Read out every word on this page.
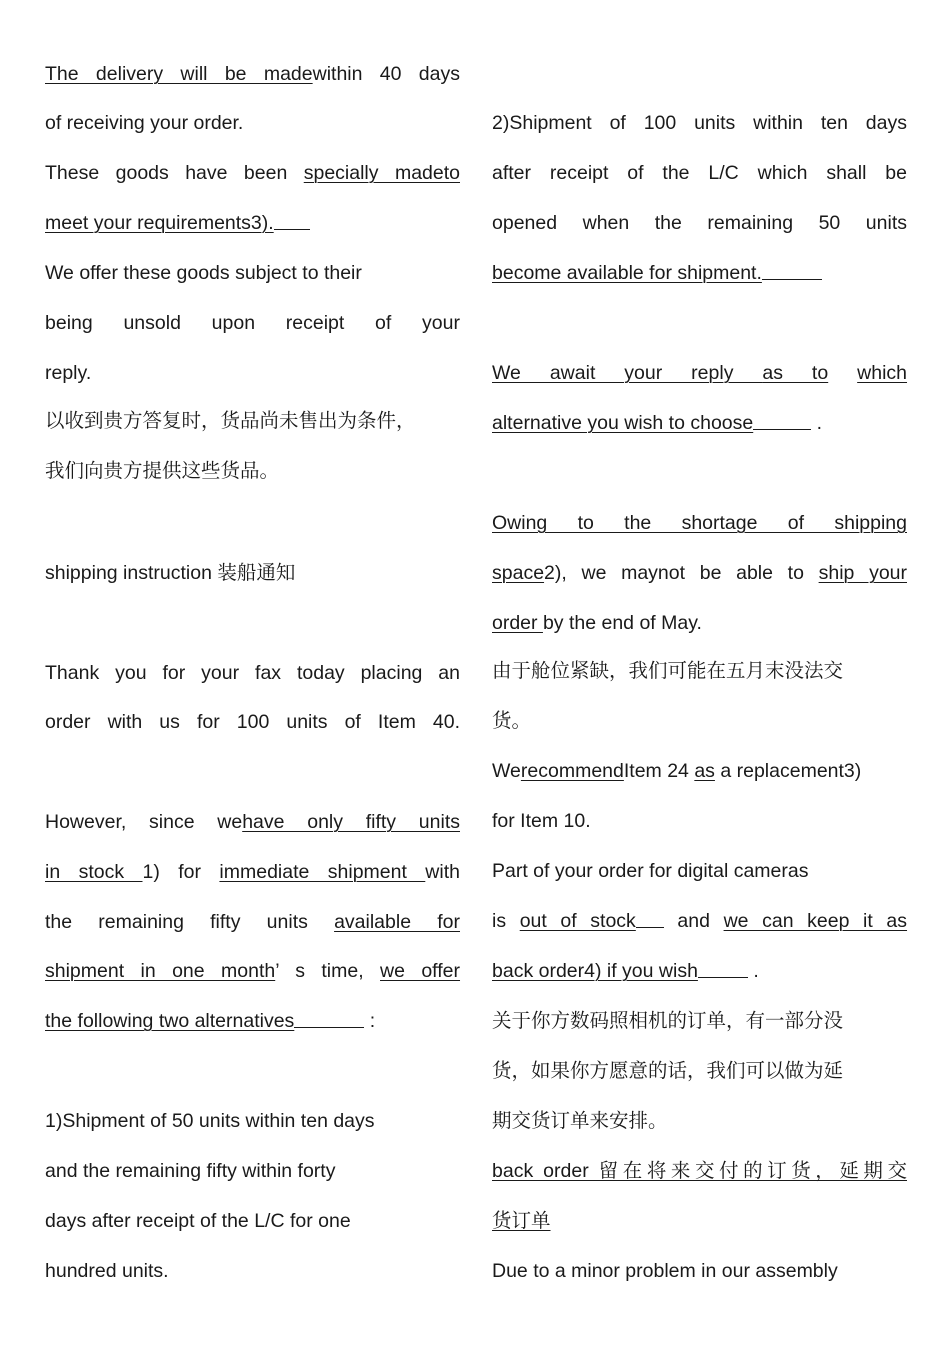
The delivery will be madewithin 40 days
of receiving your order.
These goods have been specially madeto
meet your requirements3).
We offer these goods subject to their
being unsold upon receipt of your
reply.
以收到贵方答复时，货品尚未售出为条件，
我们向贵方提供这些货品。
shipping instruction 装船通知
Thank you for your fax today placing an
order with us for 100 units of Item 40.
However, since wehave only fifty units
in stock 1) for immediate shipment with
the remaining fifty units available for
shipment in one month’ s time, we offer
the following two alternatives	:
1)Shipment of 50 units within ten days
and the remaining fifty within forty
days after receipt of the L/C for one
hundred units.
2)Shipment of 100 units within ten days
after receipt of the L/C which shall be
opened when the remaining 50 units
become available for shipment.
We await your reply as to which
alternative you wish to choose	.
Owing to the shortage of shipping
space2), we maynot be able to ship your
order by the end of May.
由于舱位紧缺，我们可能在五月末没法交
货。
WerecommendItem 24 as a replacement3)
for Item 10.
Part of your order for digital cameras
is out of stock and we can keep it as
back order4) if you wish	.
关于你方数码照相机的订单，有一部分没
货，如果你方愿意的话，我们可以做为延
期交货订单来安排。
back order 留在将来交付的订货，延期交
货订单
Due to a minor problem in our assembly
